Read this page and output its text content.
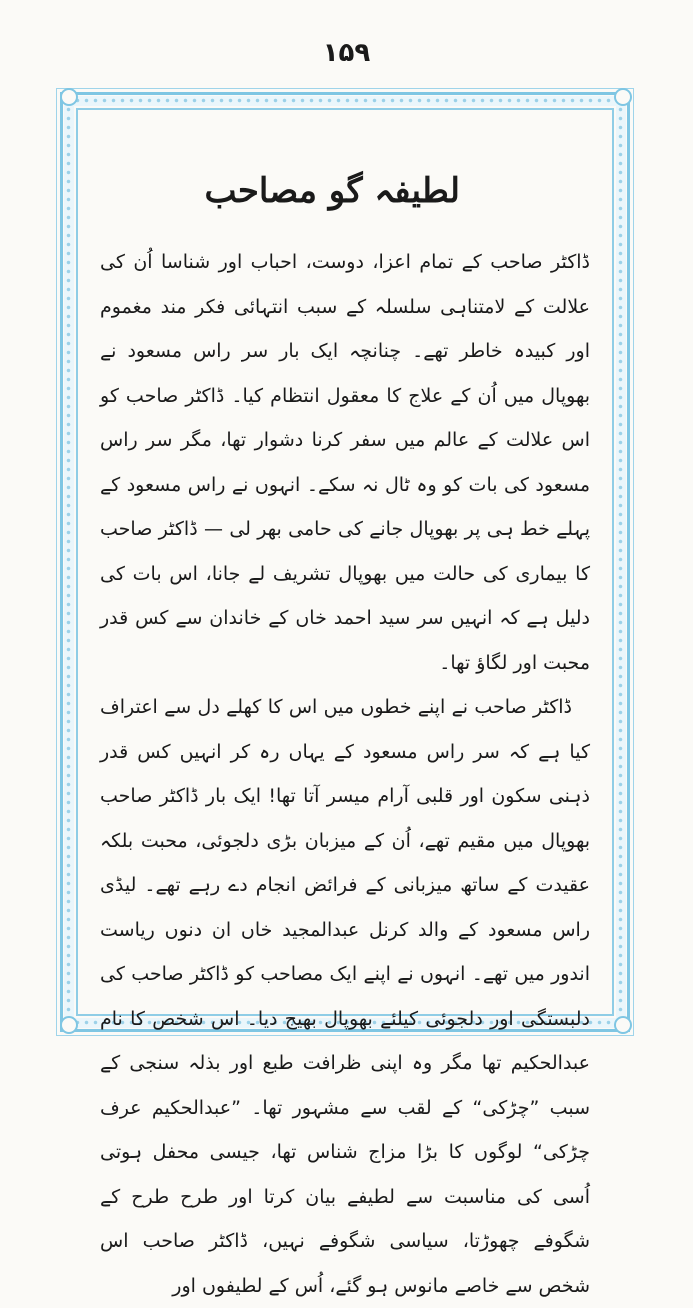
۱۵۹
لطیفہ گو مصاحب

ڈاکٹر صاحب کے تمام اعزا، دوست، احباب اور شناسا اُن کی علالت کے لامتناہی سلسلہ کے سبب انتہائی فکر مند مغموم اور کبیدہ خاطر تھے۔ چنانچہ ایک بار سر راس مسعود نے بھوپال میں اُن کے علاج کا معقول انتظام کیا۔ ڈاکٹر صاحب کو اس علالت کے عالم میں سفر کرنا دشوار تھا، مگر سر راس مسعود کی بات کو وہ ٹال نہ سکے۔ انہوں نے راس مسعود کے پہلے خط ہی پر بھوپال جانے کی حامی بھر لی — ڈاکٹر صاحب کا بیماری کی حالت میں بھوپال تشریف لے جانا، اس بات کی دلیل ہے کہ انہیں سر سید احمد خاں کے خاندان سے کس قدر محبت اور لگاؤ تھا۔

ڈاکٹر صاحب نے اپنے خطوں میں اس کا کھلے دل سے اعتراف کیا ہے کہ سر راس مسعود کے یہاں رہ کر انہیں کس قدر ذہنی سکون اور قلبی آرام میسر آتا تھا! ایک بار ڈاکٹر صاحب بھوپال میں مقیم تھے، اُن کے میزبان بڑی دلجوئی، محبت بلکہ عقیدت کے ساتھ میزبانی کے فرائض انجام دے رہے تھے۔ لیڈی راس مسعود کے والد کرنل عبدالمجید خاں ان دنوں ریاست اندور میں تھے۔ انہوں نے اپنے ایک مصاحب کو ڈاکٹر صاحب کی دلبستگی اور دلجوئی کیلئے بھوپال بھیج دیا۔ اس شخص کا نام عبدالحکیم تھا مگر وہ اپنی ظرافت طبع اور بذلہ سنجی کے سبب ”چڑکی“ کے لقب سے مشہور تھا۔ ”عبدالحکیم عرف چڑکی“ لوگوں کا بڑا مزاج شناس تھا، جیسی محفل ہوتی اُسی کی مناسبت سے لطیفے بیان کرتا اور طرح طرح کے شگوفے چھوڑتا، سیاسی شگوفے نہیں، ڈاکٹر صاحب اس شخص سے خاصے مانوس ہو گئے، اُس کے لطیفوں اور
